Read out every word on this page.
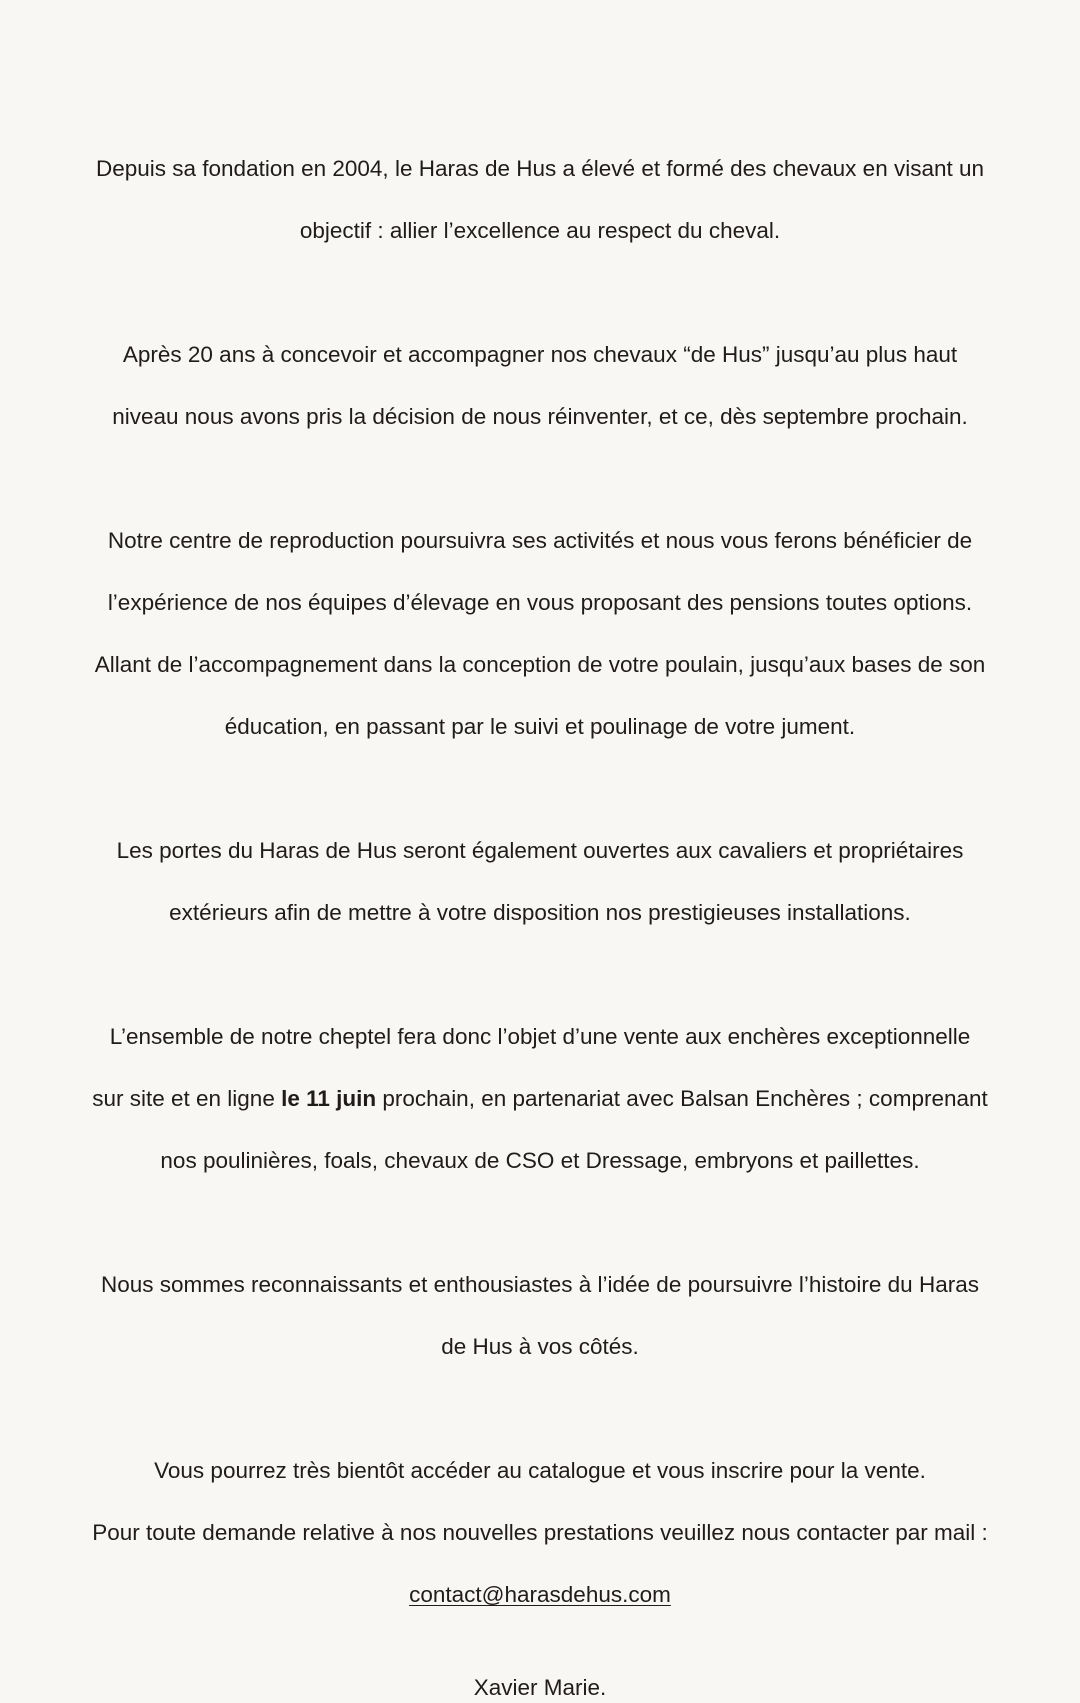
Depuis sa fondation en 2004, le Haras de Hus a élevé et formé des chevaux en visant un

objectif : allier l’excellence au respect du cheval.

Après 20 ans à concevoir et accompagner nos chevaux “de Hus” jusqu’au plus haut

niveau nous avons pris la décision de nous réinventer, et ce, dès septembre prochain.

Notre centre de reproduction poursuivra ses activités et nous vous ferons bénéficier de

l’expérience de nos équipes d’élevage en vous proposant des pensions toutes options.

Allant de l’accompagnement dans la conception de votre poulain, jusqu’aux bases de son

éducation, en passant par le suivi et poulinage de votre jument.

Les portes du Haras de Hus seront également ouvertes aux cavaliers et propriétaires

extérieurs afin de mettre à votre disposition nos prestigieuses installations.

L’ensemble de notre cheptel fera donc l’objet d’une vente aux enchères exceptionnelle

sur site et en ligne le 11 juin prochain, en partenariat avec Balsan Enchères ; comprenant

nos poulinières, foals, chevaux de CSO et Dressage, embryons et paillettes.

Nous sommes reconnaissants et enthousiastes à l’idée de poursuivre l’histoire du Haras

de Hus à vos côtés.

Vous pourrez très bientôt accéder au catalogue et vous inscrire pour la vente.

Pour toute demande relative à nos nouvelles prestations veuillez nous contacter par mail :

contact@harasdehus.com

Xavier Marie.
